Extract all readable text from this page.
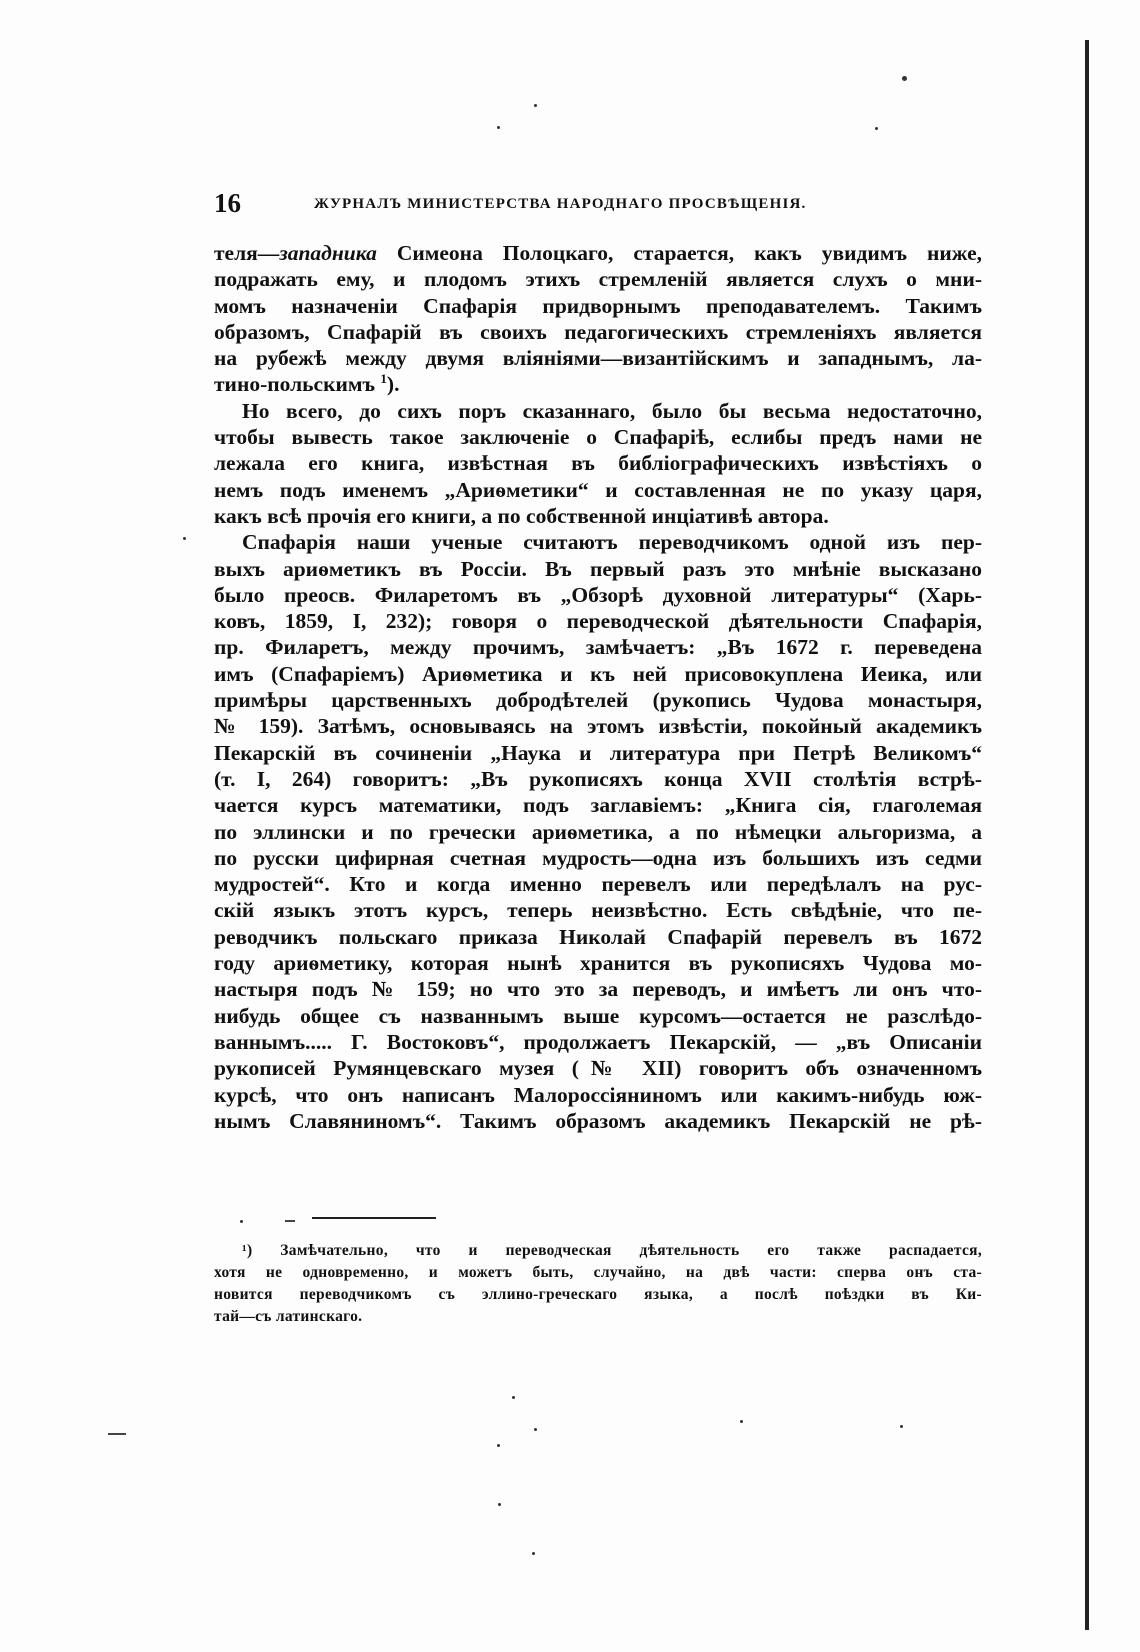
16	ЖУРНАЛЪ МИНИСТЕРСТВА НАРОДНАГО ПРОСВѢЩЕНІЯ.

теля—западника Симеона Полоцкаго, старается, какъ увидимъ ниже,

подражать ему, и плодомъ этихъ стремленій является слухъ о мни-

момъ назначеніи Спафарія придворнымъ преподавателемъ. Такимъ

образомъ, Спафарій въ своихъ педагогическихъ стремленіяхъ является

на рубежѣ между двумя вліяніями—византійскимъ и западнымъ, ла-

тино-польскимъ $^1$).

Но всего, до сихъ поръ сказаннаго, было бы весьма недостаточно,

чтобы вывесть такое заключеніе о Спафаріѣ, еслибы предъ нами не

лежала его книга, извѣстная въ библіографическихъ извѣстіяхъ о

немъ подъ именемъ „Ариѳметики“ и составленная не по указу царя,

какъ всѣ прочія его книги, а по собственной инціативѣ автора.

Спафарія наши ученые считаютъ переводчикомъ одной изъ пер-

выхъ ариѳметикъ въ Россіи. Въ первый разъ это мнѣніе высказано

было преосв. Филаретомъ въ „Обзорѣ духовной литературы“ (Харь-

ковъ, 1859, I, 232); говоря о переводческой дѣятельности Спафарія,

пр. Филаретъ, между прочимъ, замѣчаетъ: „Въ 1672 г. переведена

имъ (Спафаріемъ) Ариѳметика и къ ней присовокуплена Иеика, или

примѣры царственныхъ добродѣтелей (рукопись Чудова монастыря,

№ 159). Затѣмъ, основываясь на этомъ извѣстіи, покойный академикъ

Пекарскій въ сочиненіи „Наука и литература при Петрѣ Великомъ“

(т. I, 264) говоритъ: „Въ рукописяхъ конца XVII столѣтія встрѣ-

чается курсъ математики, подъ заглавіемъ: „Книга сія, глаголемая

по эллински и по гречески ариѳметика, а по нѣмецки альгоризма, а

по русски цифирная счетная мудрость—одна изъ большихъ изъ седми

мудростей“. Кто и когда именно перевелъ или передѣлалъ на рус-

скій языкъ этотъ курсъ, теперь неизвѣстно. Есть свѣдѣніе, что пе-

реводчикъ польскаго приказа Николай Спафарій перевелъ въ 1672

году ариѳметику, которая нынѣ хранится въ рукописяхъ Чудова мо-

настыря подъ № 159; но что это за переводъ, и имѣетъ ли онъ что-

нибудь общее съ названнымъ выше курсомъ—остается не разслѣдо-

ваннымъ..... Г. Востоковъ“, продолжаетъ Пекарскій, — „въ Описаніи

рукописей Румянцевскаго музея (№ XII) говоритъ объ означенномъ

курсѣ, что онъ написанъ Малороссіяниномъ или какимъ-нибудь юж-

нымъ Славяниномъ“. Такимъ образомъ академикъ Пекарскій не рѣ-

¹) Замѣчательно, что и переводческая дѣятельность его также распадается,

хотя не одновременно, и можетъ быть, случайно, на двѣ части: сперва онъ ста-

новится переводчикомъ съ эллино-греческаго языка, а послѣ поѣздки въ Ки-

тай—съ латинскаго.
